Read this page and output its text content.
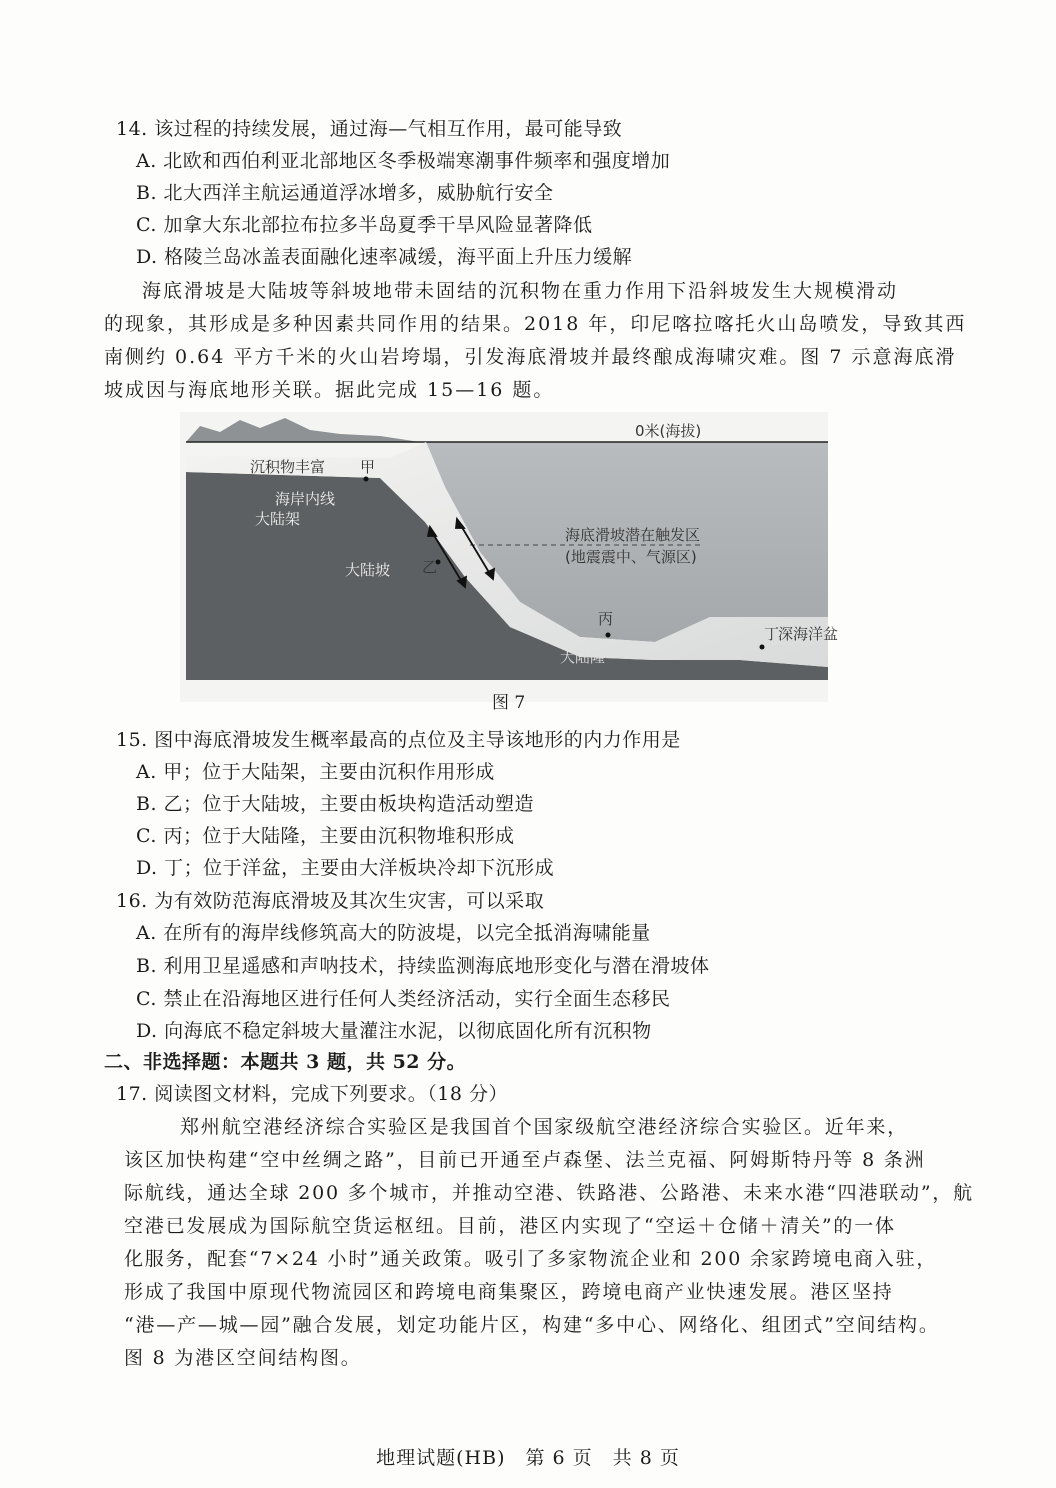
14. 该过程的持续发展，通过海—气相互作用，最可能导致
A. 北欧和西伯利亚北部地区冬季极端寒潮事件频率和强度增加
B. 北大西洋主航运通道浮冰增多，威胁航行安全
C. 加拿大东北部拉布拉多半岛夏季干旱风险显著降低
D. 格陵兰岛冰盖表面融化速率减缓，海平面上升压力缓解
海底滑坡是大陆坡等斜坡地带未固结的沉积物在重力作用下沿斜坡发生大规模滑动
的现象，其形成是多种因素共同作用的结果。2018 年，印尼喀拉喀托火山岛喷发，导致其西
南侧约 0.64 平方千米的火山岩垮塌，引发海底滑坡并最终酿成海啸灾难。图 7 示意海底滑
坡成因与海底地形关联。据此完成 15—16 题。
0米(海拔)
沉积物丰富 甲
海岸内线
大陆架
大陆坡 乙
海底滑坡潜在触发区
(地震震中、气源区)
丙
丁
深海洋盆
大陆隆
图 7
15. 图中海底滑坡发生概率最高的点位及主导该地形的内力作用是
A. 甲；位于大陆架，主要由沉积作用形成
B. 乙；位于大陆坡，主要由板块构造活动塑造
C. 丙；位于大陆隆，主要由沉积物堆积形成
D. 丁；位于洋盆，主要由大洋板块冷却下沉形成
16. 为有效防范海底滑坡及其次生灾害，可以采取
A. 在所有的海岸线修筑高大的防波堤，以完全抵消海啸能量
B. 利用卫星遥感和声呐技术，持续监测海底地形变化与潜在滑坡体
C. 禁止在沿海地区进行任何人类经济活动，实行全面生态移民
D. 向海底不稳定斜坡大量灌注水泥，以彻底固化所有沉积物
二、非选择题：本题共 3 题，共 52 分。
17. 阅读图文材料，完成下列要求。（18 分）
郑州航空港经济综合实验区是我国首个国家级航空港经济综合实验区。近年来，
该区加快构建“空中丝绸之路”，目前已开通至卢森堡、法兰克福、阿姆斯特丹等 8 条洲
际航线，通达全球 200 多个城市，并推动空港、铁路港、公路港、未来水港“四港联动”，航
空港已发展成为国际航空货运枢纽。目前，港区内实现了“空运＋仓储＋清关”的一体
化服务，配套“7×24 小时”通关政策。吸引了多家物流企业和 200 余家跨境电商入驻，
形成了我国中原现代物流园区和跨境电商集聚区，跨境电商产业快速发展。港区坚持
“港—产—城—园”融合发展，划定功能片区，构建“多中心、网络化、组团式”空间结构。
图 8 为港区空间结构图。
地理试题(HB)　第 6 页　共 8 页
